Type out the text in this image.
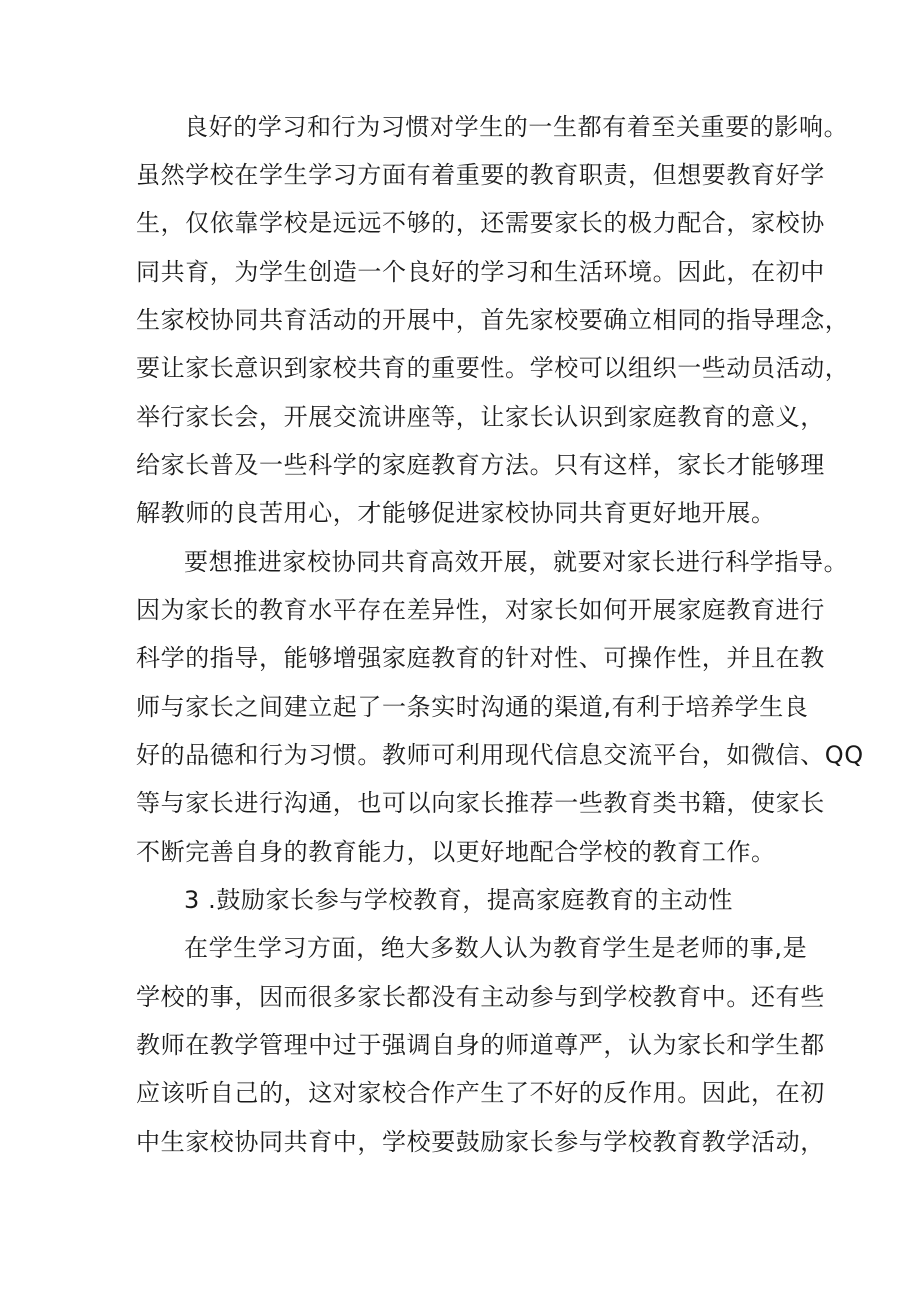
良好的学习和行为习惯对学生的一生都有着至关重要的影响。
虽然学校在学生学习方面有着重要的教育职责，但想要教育好学
生，仅依靠学校是远远不够的，还需要家长的极力配合，家校协
同共育，为学生创造一个良好的学习和生活环境。因此，在初中
生家校协同共育活动的开展中，首先家校要确立相同的指导理念，
要让家长意识到家校共育的重要性。学校可以组织一些动员活动，
举行家长会，开展交流讲座等，让家长认识到家庭教育的意义，
给家长普及一些科学的家庭教育方法。只有这样，家长才能够理
解教师的良苦用心，才能够促进家校协同共育更好地开展。
要想推进家校协同共育高效开展，就要对家长进行科学指导。
因为家长的教育水平存在差异性，对家长如何开展家庭教育进行
科学的指导，能够增强家庭教育的针对性、可操作性，并且在教
师与家长之间建立起了一条实时沟通的渠道,有利于培养学生良
好的品德和行为习惯。教师可利用现代信息交流平台，如微信、QQ
等与家长进行沟通，也可以向家长推荐一些教育类书籍，使家长
不断完善自身的教育能力，以更好地配合学校的教育工作。
3 .鼓励家长参与学校教育，提高家庭教育的主动性
在学生学习方面，绝大多数人认为教育学生是老师的事,是
学校的事，因而很多家长都没有主动参与到学校教育中。还有些
教师在教学管理中过于强调自身的师道尊严，认为家长和学生都
应该听自己的，这对家校合作产生了不好的反作用。因此，在初
中生家校协同共育中，学校要鼓励家长参与学校教育教学活动，
